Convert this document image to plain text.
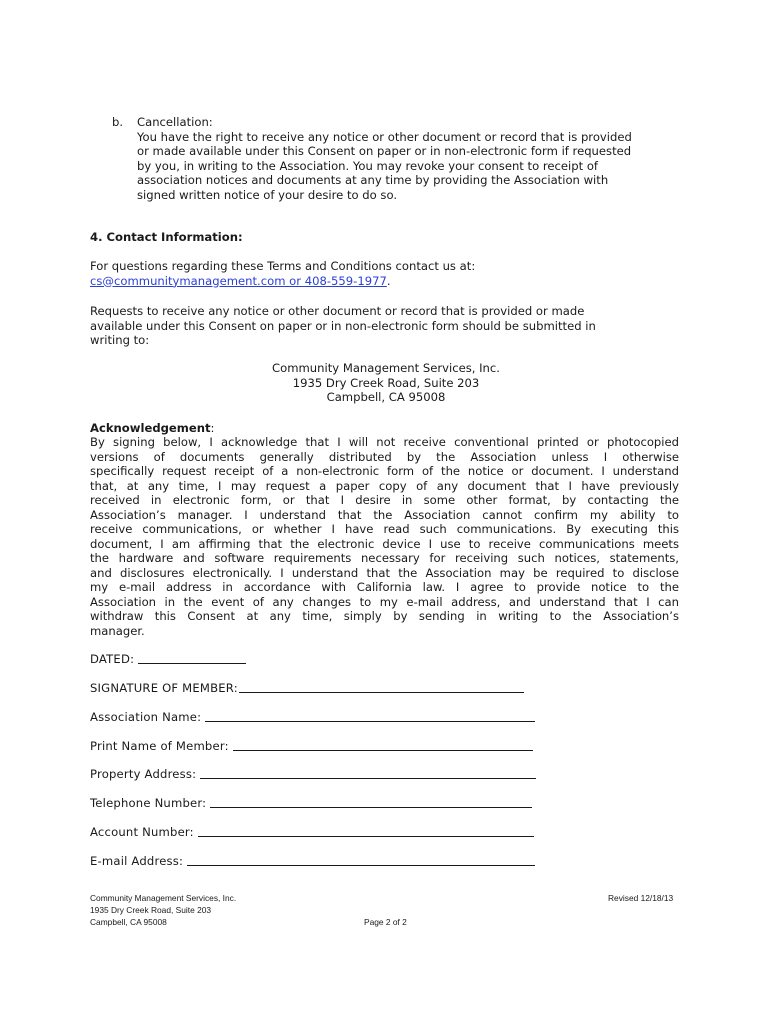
b. Cancellation:
You have the right to receive any notice or other document or record that is provided
or made available under this Consent on paper or in non-electronic form if requested
by you, in writing to the Association. You may revoke your consent to receipt of
association notices and documents at any time by providing the Association with
signed written notice of your desire to do so.
4. Contact Information:
For questions regarding these Terms and Conditions contact us at:
cs@communitymanagement.com or 408-559-1977.
Requests to receive any notice or other document or record that is provided or made
available under this Consent on paper or in non-electronic form should be submitted in
writing to:
Community Management Services, Inc.
1935 Dry Creek Road, Suite 203
Campbell, CA 95008
Acknowledgement:
By signing below, I acknowledge that I will not receive conventional printed or photocopied
versions of documents generally distributed by the Association unless I otherwise
specifically request receipt of a non-electronic form of the notice or document. I understand
that, at any time, I may request a paper copy of any document that I have previously
received in electronic form, or that I desire in some other format, by contacting the
Association’s manager. I understand that the Association cannot confirm my ability to
receive communications, or whether I have read such communications. By executing this
document, I am affirming that the electronic device I use to receive communications meets
the hardware and software requirements necessary for receiving such notices, statements,
and disclosures electronically. I understand that the Association may be required to disclose
my e-mail address in accordance with California law. I agree to provide notice to the
Association in the event of any changes to my e-mail address, and understand that I can
withdraw this Consent at any time, simply by sending in writing to the Association’s
manager.
DATED:
SIGNATURE OF MEMBER:
Association Name:
Print Name of Member:
Property Address:
Telephone Number:
Account Number:
E-mail Address:
Community Management Services, Inc.
1935 Dry Creek Road, Suite 203
Campbell, CA 95008	Page 2 of 2
Revised 12/18/13
